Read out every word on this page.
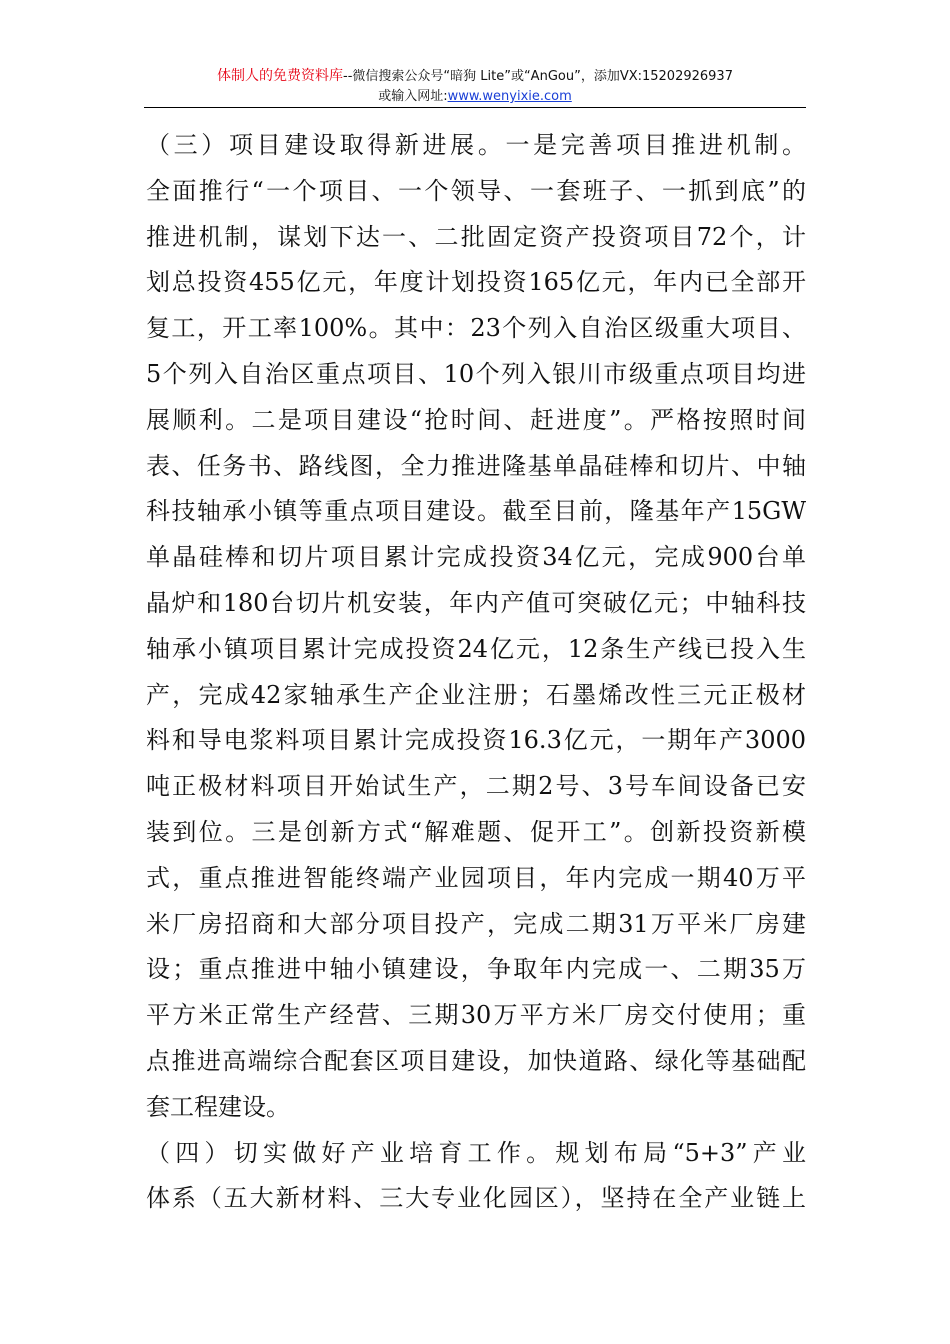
体制人的免费资料库--微信搜索公众号“暗狗 Lite”或“AnGou”，添加VX:15202926937
或输入网址:www.wenyixie.com
（三）项目建设取得新进展。一是完善项目推进机制。
全面推行“一个项目、一个领导、一套班子、一抓到底”的
推进机制，谋划下达一、二批固定资产投资项目72个，计
划总投资455亿元，年度计划投资165亿元，年内已全部开
复工，开工率100%。其中：23个列入自治区级重大项目、
5个列入自治区重点项目、10个列入银川市级重点项目均进
展顺利。二是项目建设“抢时间、赶进度”。严格按照时间
表、任务书、路线图，全力推进隆基单晶硅棒和切片、中轴
科技轴承小镇等重点项目建设。截至目前，隆基年产15GW
单晶硅棒和切片项目累计完成投资34亿元，完成900台单
晶炉和180台切片机安装，年内产值可突破亿元；中轴科技
轴承小镇项目累计完成投资24亿元，12条生产线已投入生
产，完成42家轴承生产企业注册；石墨烯改性三元正极材
料和导电浆料项目累计完成投资16.3亿元，一期年产3000
吨正极材料项目开始试生产，二期2号、3号车间设备已安
装到位。三是创新方式“解难题、促开工”。创新投资新模
式，重点推进智能终端产业园项目，年内完成一期40万平
米厂房招商和大部分项目投产，完成二期31万平米厂房建
设；重点推进中轴小镇建设，争取年内完成一、二期35万
平方米正常生产经营、三期30万平方米厂房交付使用；重
点推进高端综合配套区项目建设，加快道路、绿化等基础配
套工程建设。
（四）切实做好产业培育工作。规划布局“5+3”产业
体系（五大新材料、三大专业化园区），坚持在全产业链上
